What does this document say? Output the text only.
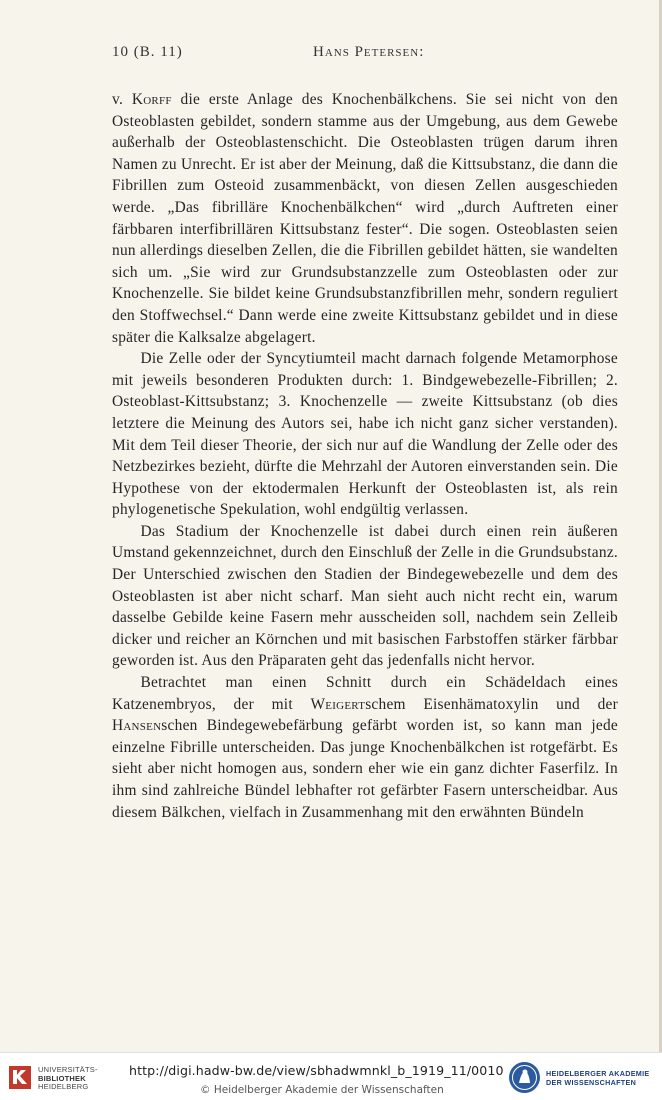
10 (B. 11)	Hans Petersen:

v. Korff die erste Anlage des Knochenbälkchens. Sie sei nicht von den Osteoblasten gebildet, sondern stamme aus der Umgebung, aus dem Gewebe außerhalb der Osteoblastenschicht. Die Osteoblasten trügen darum ihren Namen zu Unrecht. Er ist aber der Meinung, daß die Kittsubstanz, die dann die Fibrillen zum Osteoid zusammenbäckt, von diesen Zellen ausgeschieden werde. „Das fibrilläre Knochenbälkchen“ wird „durch Auftreten einer färbbaren interfibrillären Kittsubstanz fester“. Die sogen. Osteoblasten seien nun allerdings dieselben Zellen, die die Fibrillen gebildet hätten, sie wandelten sich um. „Sie wird zur Grundsubstanzzelle zum Osteoblasten oder zur Knochenzelle. Sie bildet keine Grundsubstanzfibrillen mehr, sondern reguliert den Stoffwechsel.“ Dann werde eine zweite Kittsubstanz gebildet und in diese später die Kalksalze abgelagert.

Die Zelle oder der Syncytiumteil macht darnach folgende Metamorphose mit jeweils besonderen Produkten durch: 1. Bindgewebezelle-Fibrillen; 2. Osteoblast-Kittsubstanz; 3. Knochenzelle — zweite Kittsubstanz (ob dies letztere die Meinung des Autors sei, habe ich nicht ganz sicher verstanden). Mit dem Teil dieser Theorie, der sich nur auf die Wandlung der Zelle oder des Netzbezirkes bezieht, dürfte die Mehrzahl der Autoren einverstanden sein. Die Hypothese von der ektodermalen Herkunft der Osteoblasten ist, als rein phylogenetische Spekulation, wohl endgültig verlassen.

Das Stadium der Knochenzelle ist dabei durch einen rein äußeren Umstand gekennzeichnet, durch den Einschluß der Zelle in die Grundsubstanz. Der Unterschied zwischen den Stadien der Bindegewebezelle und dem des Osteoblasten ist aber nicht scharf. Man sieht auch nicht recht ein, warum dasselbe Gebilde keine Fasern mehr ausscheiden soll, nachdem sein Zelleib dicker und reicher an Körnchen und mit basischen Farbstoffen stärker färbbar geworden ist. Aus den Präparaten geht das jedenfalls nicht hervor.

Betrachtet man einen Schnitt durch ein Schädeldach eines Katzenembryos, der mit Weigertschem Eisenhämatoxylin und der Hansenschen Bindegewebefärbung gefärbt worden ist, so kann man jede einzelne Fibrille unterscheiden. Das junge Knochenbälkchen ist rotgefärbt. Es sieht aber nicht homogen aus, sondern eher wie ein ganz dichter Faserfilz. In ihm sind zahlreiche Bündel lebhafter rot gefärbter Fasern unterscheidbar. Aus diesem Bälkchen, vielfach in Zusammenhang mit den erwähnten Bündeln

UNIVERSITÄTS-
BIBLIOTHEK
HEIDELBERG
http://digi.hadw-bw.de/view/sbhadwmnkl_b_1919_11/0010
© Heidelberger Akademie der Wissenschaften
HEIDELBERGER AKADEMIE
DER WISSENSCHAFTEN
